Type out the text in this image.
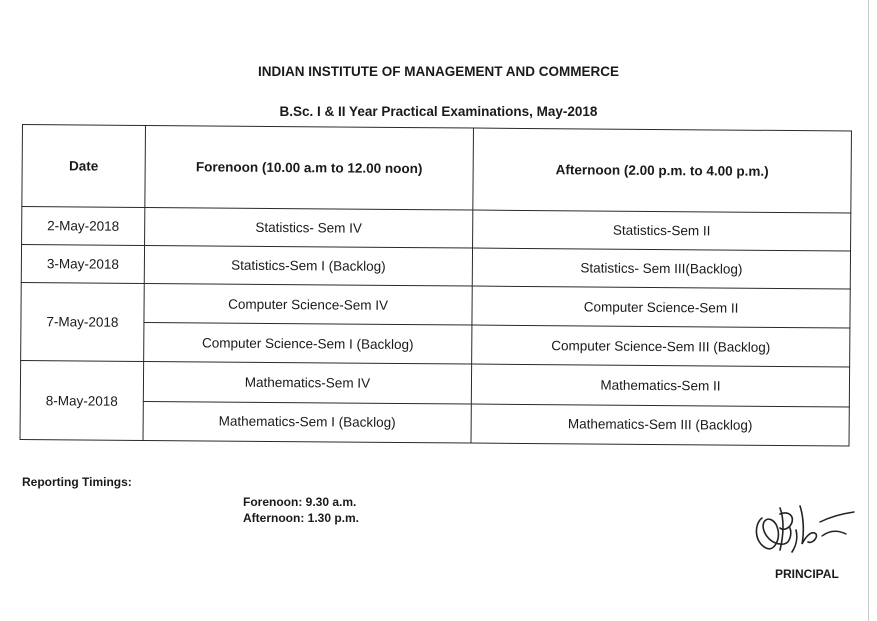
INDIAN INSTITUTE OF MANAGEMENT AND COMMERCE
B.Sc. I & II Year Practical Examinations, May-2018
Date	Forenoon (10.00 a.m to 12.00 noon)	Afternoon (2.00 p.m. to 4.00 p.m.)
2-May-2018	Statistics- Sem IV	Statistics-Sem II
3-May-2018	Statistics-Sem I (Backlog)	Statistics- Sem III(Backlog)
7-May-2018	Computer Science-Sem IV	Computer Science-Sem II
	Computer Science-Sem I (Backlog)	Computer Science-Sem III (Backlog)
8-May-2018	Mathematics-Sem IV	Mathematics-Sem II
	Mathematics-Sem I (Backlog)	Mathematics-Sem III (Backlog)
Reporting Timings:
Forenoon: 9.30 a.m.
Afternoon: 1.30 p.m.
PRINCIPAL
